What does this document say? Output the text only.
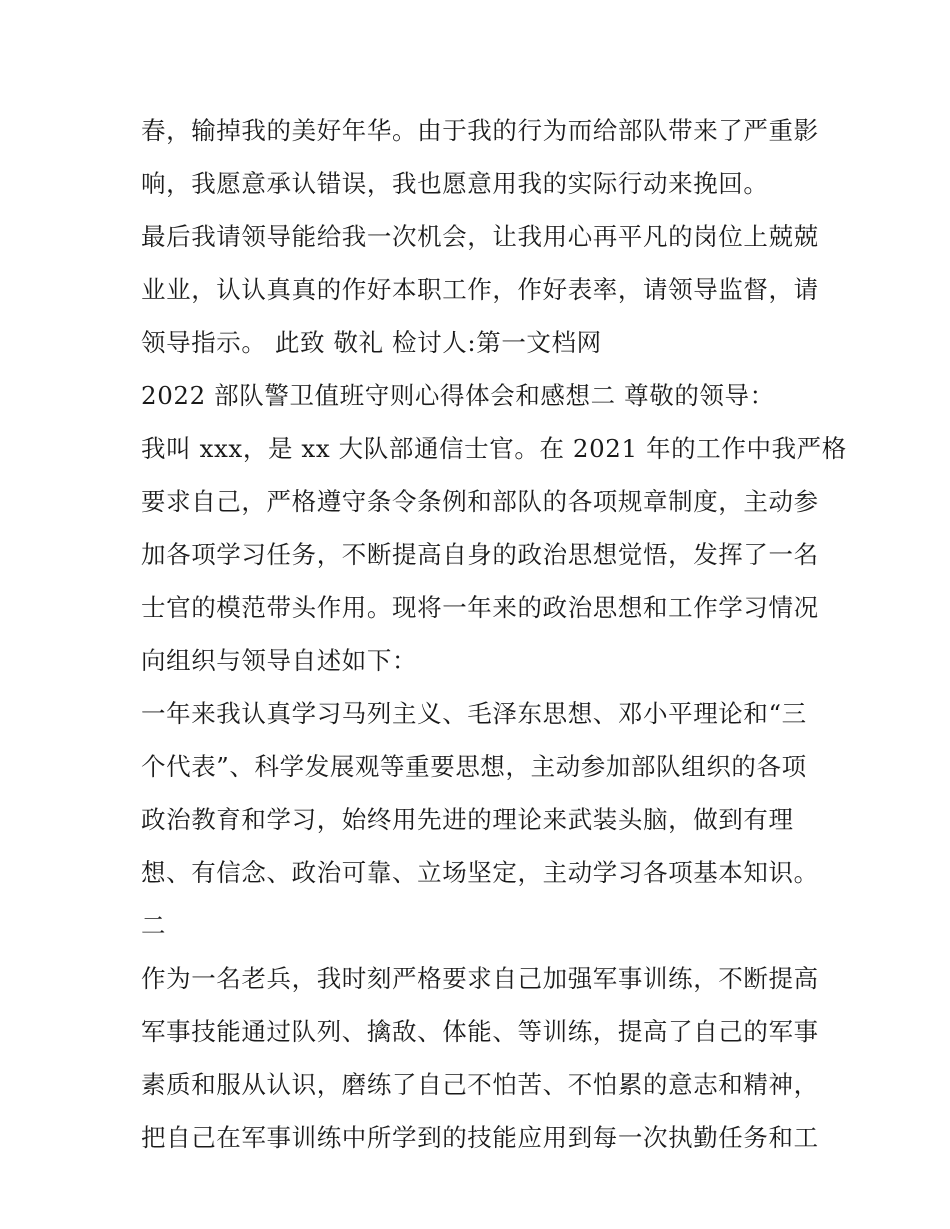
春，输掉我的美好年华。由于我的行为而给部队带来了严重影
响，我愿意承认错误，我也愿意用我的实际行动来挽回。
最后我请领导能给我一次机会，让我用心再平凡的岗位上兢兢
业业，认认真真的作好本职工作，作好表率，请领导监督，请
领导指示。 此致 敬礼 检讨人:第一文档网
2022 部队警卫值班守则心得体会和感想二 尊敬的领导：
我叫 xxx，是 xx 大队部通信士官。在 2021 年的工作中我严格
要求自己，严格遵守条令条例和部队的各项规章制度，主动参
加各项学习任务，不断提高自身的政治思想觉悟，发挥了一名
士官的模范带头作用。现将一年来的政治思想和工作学习情况
向组织与领导自述如下：
一年来我认真学习马列主义、毛泽东思想、邓小平理论和“三
个代表”、科学发展观等重要思想，主动参加部队组织的各项
政治教育和学习，始终用先进的理论来武装头脑，做到有理
想、有信念、政治可靠、立场坚定，主动学习各项基本知识。
二
作为一名老兵，我时刻严格要求自己加强军事训练，不断提高
军事技能通过队列、擒敌、体能、等训练，提高了自己的军事
素质和服从认识，磨练了自己不怕苦、不怕累的意志和精神，
把自己在军事训练中所学到的技能应用到每一次执勤任务和工
